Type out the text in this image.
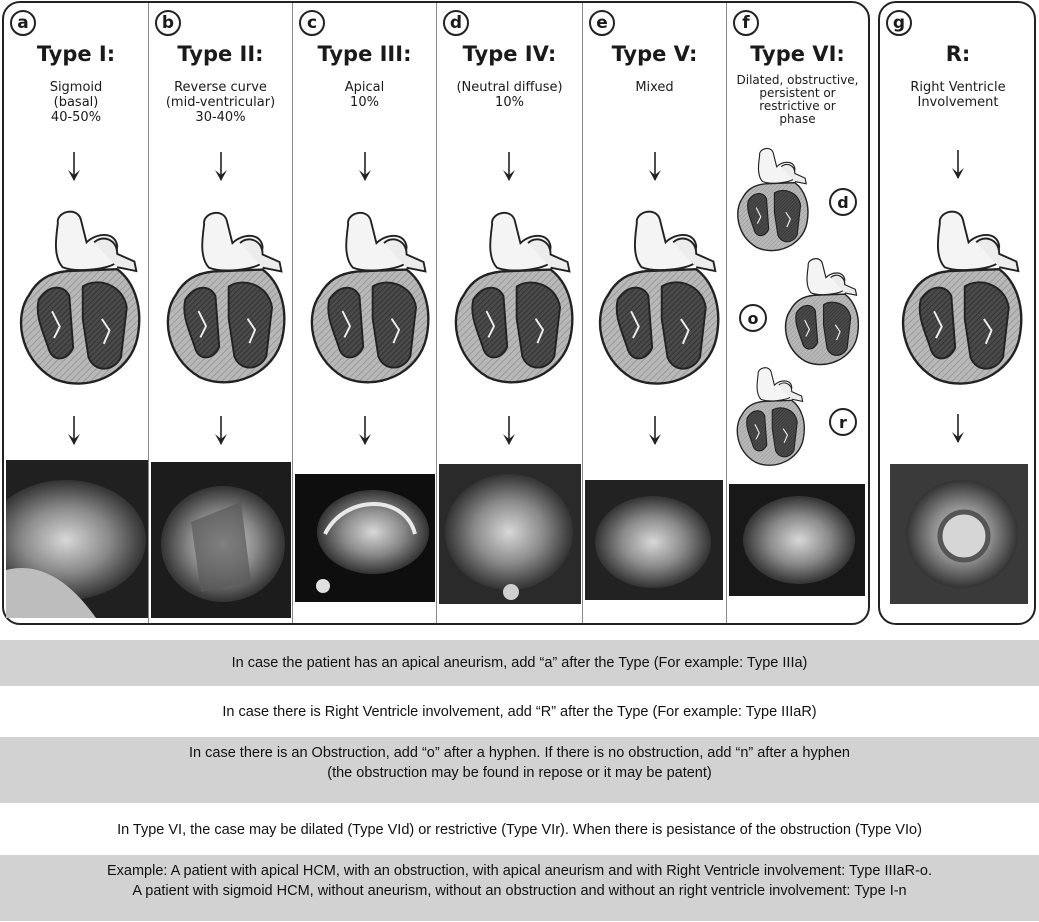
a
Type I:
Sigmoid
(basal)
40-50%
b
Type II:
Reverse curve
(mid-ventricular)
30-40%
c
Type III:
Apical
10%
d
Type IV:
(Neutral diffuse)
10%
e
Type V:
Mixed
f
Type VI:
Dilated, obstructive,
persistent or
restrictive or
phase
d
o
r
g
R:
Right Ventricle
Involvement
In case the patient has an apical aneurism, add “a” after the Type (For example: Type IIIa)
In case there is Right Ventricle involvement, add “R” after the Type (For example: Type IIIaR)
In case there is an Obstruction, add “o” after a hyphen. If there is no obstruction, add “n” after a hyphen
(the obstruction may be found in repose or it may be patent)
In Type VI, the case may be dilated (Type VId) or restrictive (Type VIr). When there is pesistance of the obstruction (Type VIo)
Example: A patient with apical HCM, with an obstruction, with apical aneurism and with Right Ventricle involvement: Type IIIaR-o.
A patient with sigmoid HCM, without aneurism, without an obstruction and without an right ventricle involvement: Type I-n
